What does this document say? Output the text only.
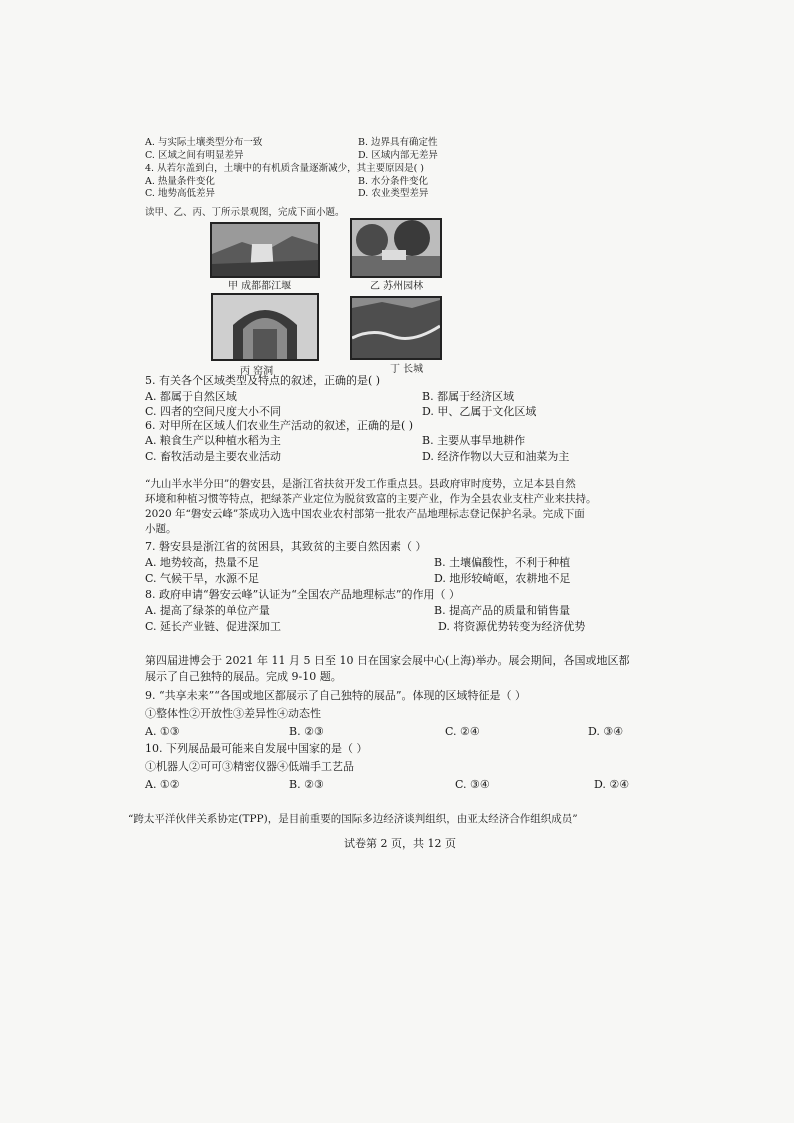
A. 与实际土壤类型分布一致	B. 边界具有确定性
C. 区域之间有明显差异	D. 区域内部无差异
4. 从若尔盖到白，土壤中的有机质含量逐渐减少，其主要原因是( )
A. 热量条件变化	B. 水分条件变化
C. 地势高低差异	D. 农业类型差异
读甲、乙、丙、丁所示景观图，完成下面小题。
甲 成都都江堰	乙 苏州园林
丙 窑洞	丁 长城
5. 有关各个区域类型及特点的叙述，正确的是( )
A. 都属于自然区域	B. 都属于经济区域
C. 四者的空间尺度大小不同	D. 甲、乙属于文化区域
6. 对甲所在区域人们农业生产活动的叙述，正确的是( )
A. 粮食生产以种植水稻为主	B. 主要从事旱地耕作
C. 畜牧活动是主要农业活动	D. 经济作物以大豆和油菜为主
“九山半水半分田”的磐安县，是浙江省扶贫开发工作重点县。县政府审时度势，立足本县自然
环境和种植习惯等特点，把绿茶产业定位为脱贫致富的主要产业，作为全县农业支柱产业来扶持。
2020 年“磐安云峰”茶成功入选中国农业农村部第一批农产品地理标志登记保护名录。完成下面
小题。
7. 磐安县是浙江省的贫困县，其致贫的主要自然因素（ ）
A. 地势较高，热量不足	B. 土壤偏酸性，不利于种植
C. 气候干旱，水源不足	D. 地形较崎岖，农耕地不足
8. 政府申请“磐安云峰”认证为“全国农产品地理标志”的作用（ ）
A. 提高了绿茶的单位产量	B. 提高产品的质量和销售量
C. 延长产业链、促进深加工	D. 将资源优势转变为经济优势
第四届进博会于 2021 年 11 月 5 日至 10 日在国家会展中心(上海)举办。展会期间，各国或地区都
展示了自己独特的展品。完成 9-10 题。
9. “共享未来”“各国或地区都展示了自己独特的展品”。体现的区域特征是（ ）
①整体性②开放性③差异性④动态性
A. ①③	B. ②③	C. ②④	D. ③④
10. 下列展品最可能来自发展中国家的是（ ）
①机器人②可可③精密仪器④低端手工艺品
A. ①②	B. ②③	C. ③④	D. ②④
“跨太平洋伙伴关系协定(TPP)，是目前重要的国际多边经济谈判组织，由亚太经济合作组织成员”
试卷第 2 页，共 12 页
